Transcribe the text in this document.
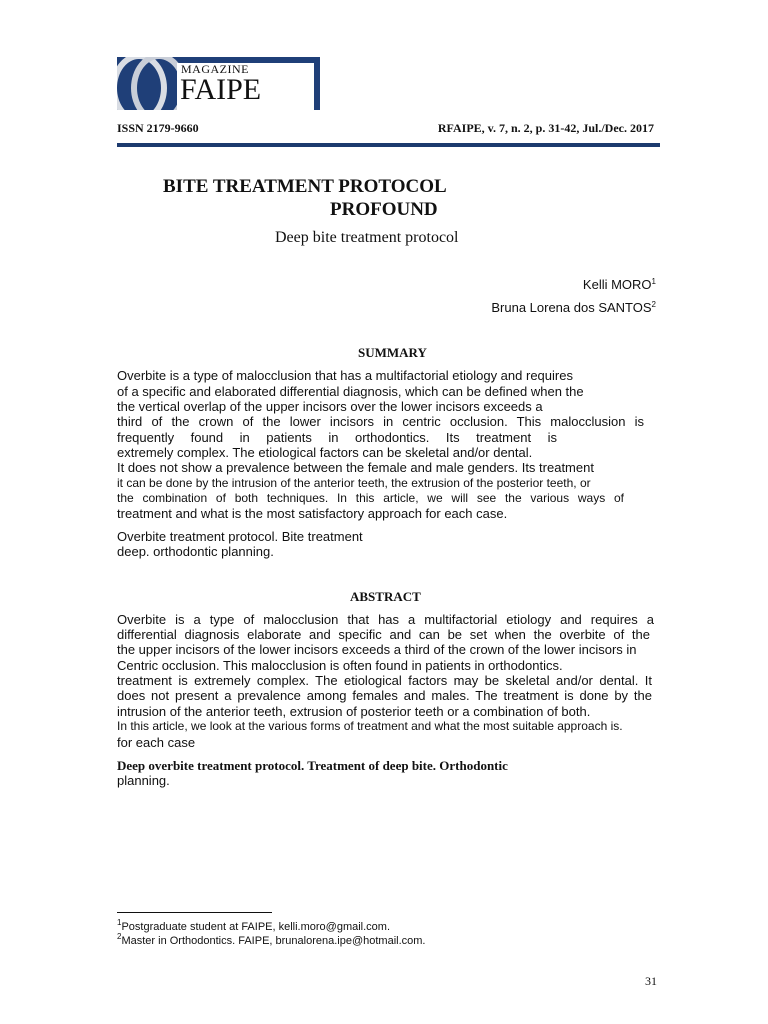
MAGAZINE
FAIPE
ISSN 2179-9660	RFAIPE, v. 7, n. 2, p. 31-42, Jul./Dec. 2017
BITE TREATMENT PROTOCOL
PROFOUND
Deep bite treatment protocol
Kelli MORO$^1$
Bruna Lorena dos SANTOS$^2$
SUMMARY
Overbite is a type of malocclusion that has a multifactorial etiology and requires
of a specific and elaborated differential diagnosis, which can be defined when the
the vertical overlap of the upper incisors over the lower incisors exceeds a
third of the crown of the lower incisors in centric occlusion. This malocclusion is
frequently found in patients in orthodontics. Its treatment is
extremely complex. The etiological factors can be skeletal and/or dental.
It does not show a prevalence between the female and male genders. Its treatment
it can be done by the intrusion of the anterior teeth, the extrusion of the posterior teeth, or
the combination of both techniques. In this article, we will see the various ways of
treatment and what is the most satisfactory approach for each case.
Overbite treatment protocol. Bite treatment
deep. orthodontic planning.
ABSTRACT
Overbite is a type of malocclusion that has a multifactorial etiology and requires a
differential diagnosis elaborate and specific and can be set when the overbite of the
the upper incisors of the lower incisors exceeds a third of the crown of the lower incisors in
Centric occlusion. This malocclusion is often found in patients in orthodontics.
treatment is extremely complex. The etiological factors may be skeletal and/or dental. It
does not present a prevalence among females and males. The treatment is done by the
intrusion of the anterior teeth, extrusion of posterior teeth or a combination of both.
In this article, we look at the various forms of treatment and what the most suitable approach is.
for each case
Deep overbite treatment protocol. Treatment of deep bite. Orthodontic
planning.
$^1$Postgraduate student at FAIPE, kelli.moro@gmail.com.
$^2$Master in Orthodontics. FAIPE, brunalorena.ipe@hotmail.com.
31
